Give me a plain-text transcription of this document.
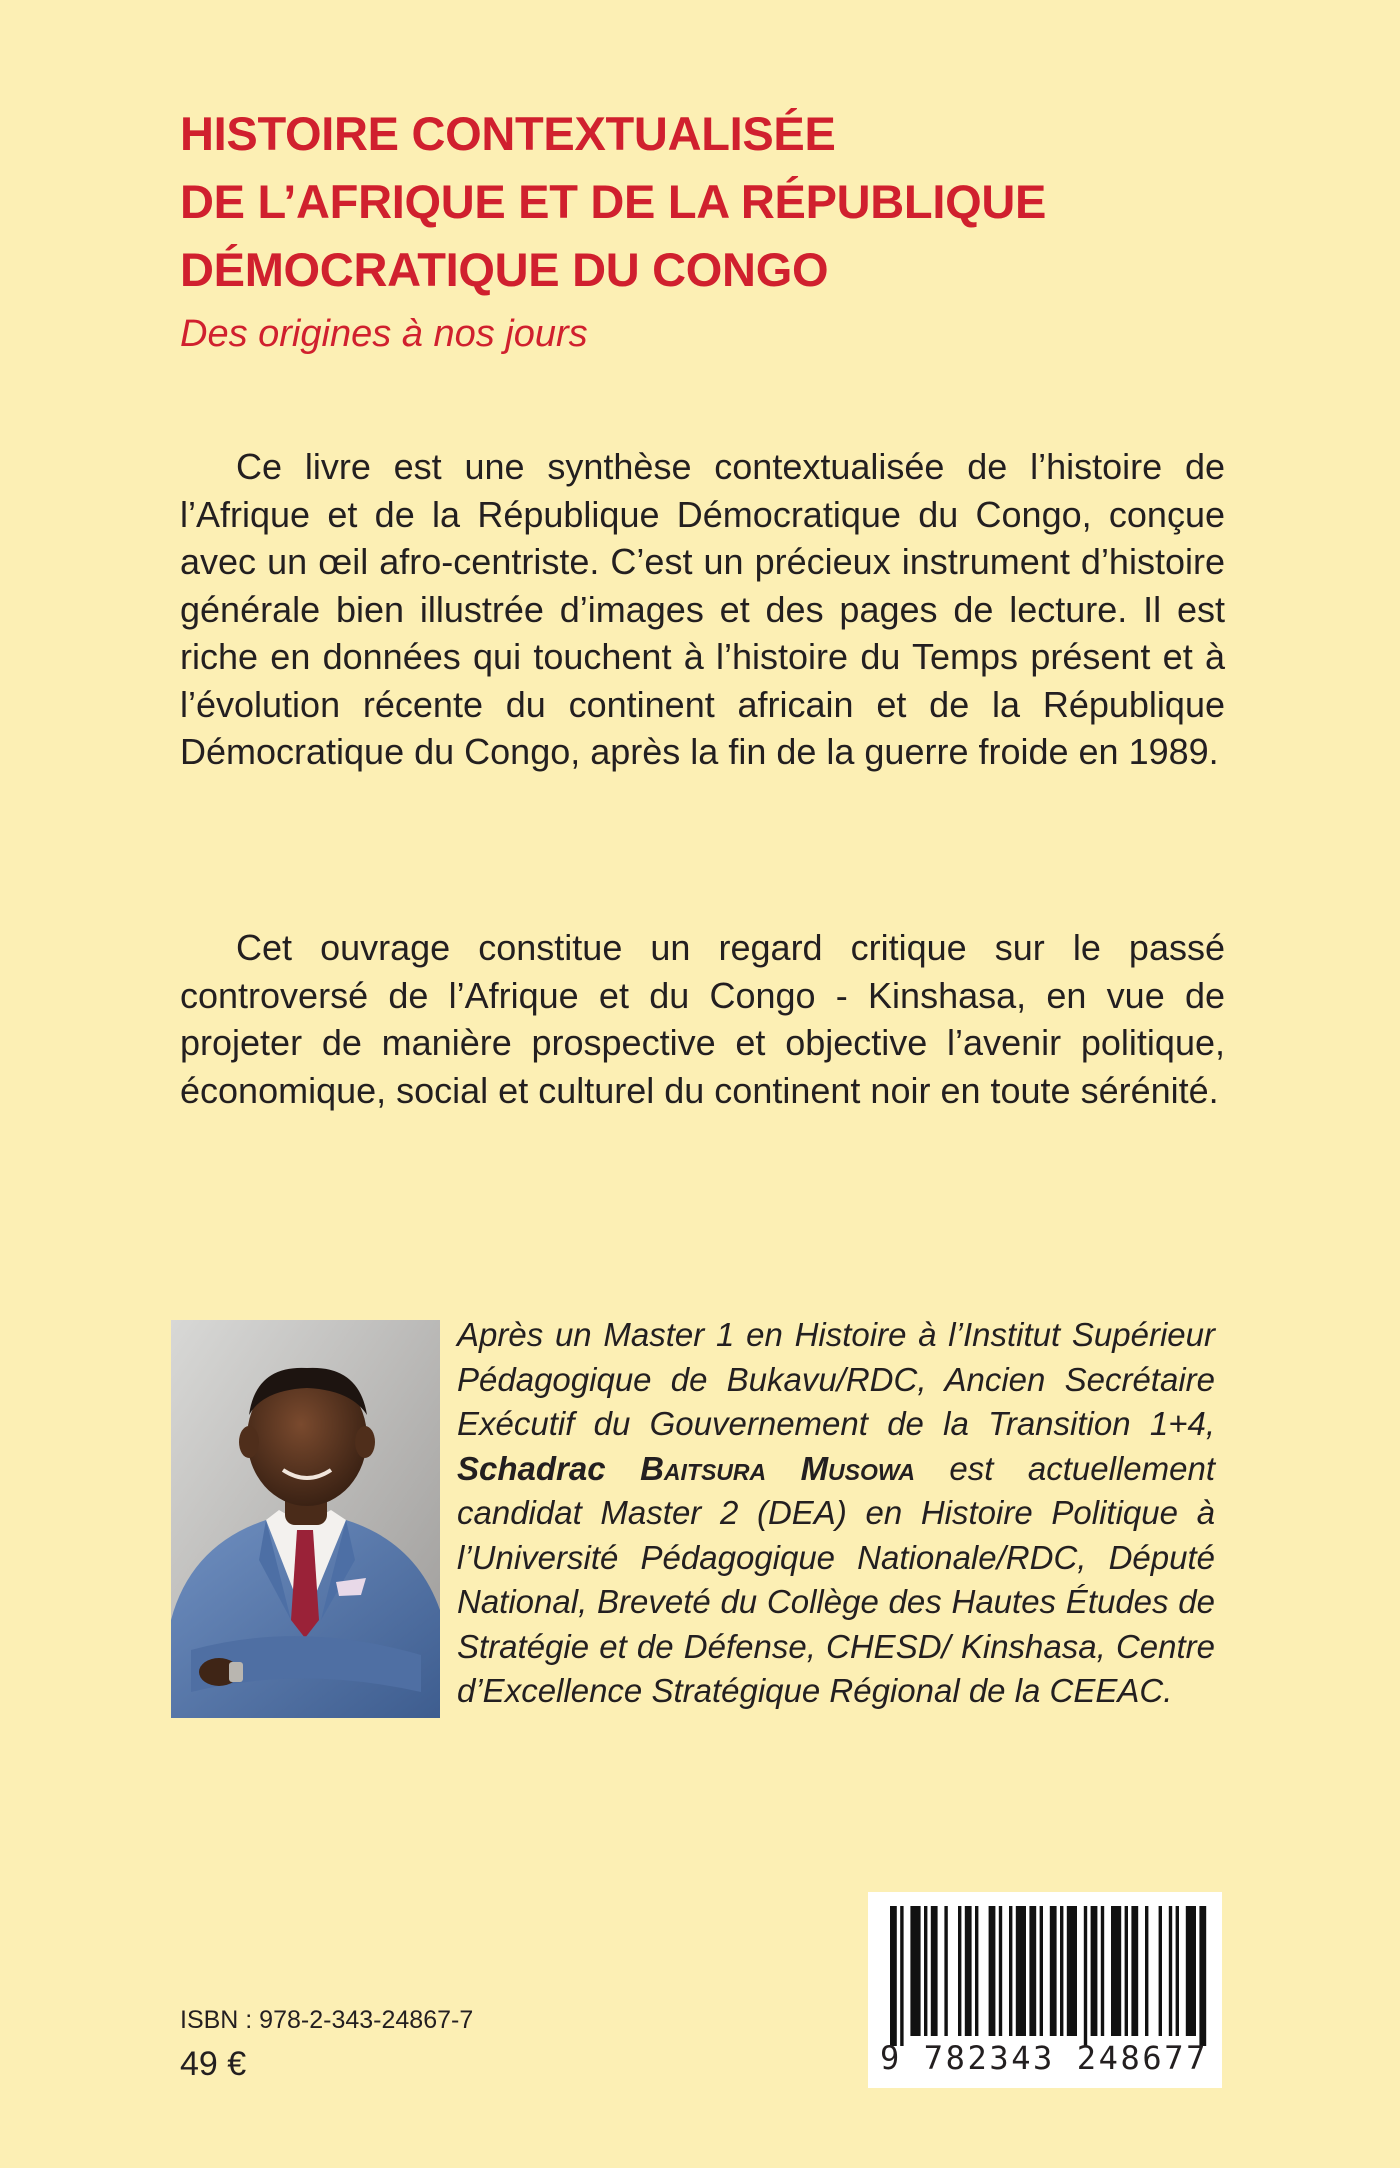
HISTOIRE CONTEXTUALISÉE
DE L’AFRIQUE ET DE LA RÉPUBLIQUE
DÉMOCRATIQUE DU CONGO
Des origines à nos jours

Ce livre est une synthèse contextualisée de l’histoire de l’Afrique et de la République Démocratique du Congo, conçue avec un œil afro-centriste. C’est un précieux instrument d’histoire générale bien illustrée d’images et des pages de lecture. Il est riche en données qui touchent à l’histoire du Temps présent et à l’évolution récente du continent africain et de la République Démocratique du Congo, après la fin de la guerre froide en 1989.

Cet ouvrage constitue un regard critique sur le passé controversé de l’Afrique et du Congo - Kinshasa, en vue de projeter de manière prospective et objective l’avenir politique, économique, social et culturel du continent noir en toute sérénité.

Après un Master 1 en Histoire à l’Institut Supérieur Pédagogique de Bukavu/RDC, Ancien Secrétaire Exécutif du Gouvernement de la Transition 1+4, Schadrac Baitsura Musowa est actuellement candidat Master 2 (DEA) en Histoire Politique à l’Université Pédagogique Nationale/RDC, Député National, Breveté du Collège des Hautes Études de Stratégie et de Défense, CHESD/ Kinshasa, Centre d’Excellence Stratégique Régional de la CEEAC.

ISBN : 978-2-343-24867-7
49 €	9 782343 248677
